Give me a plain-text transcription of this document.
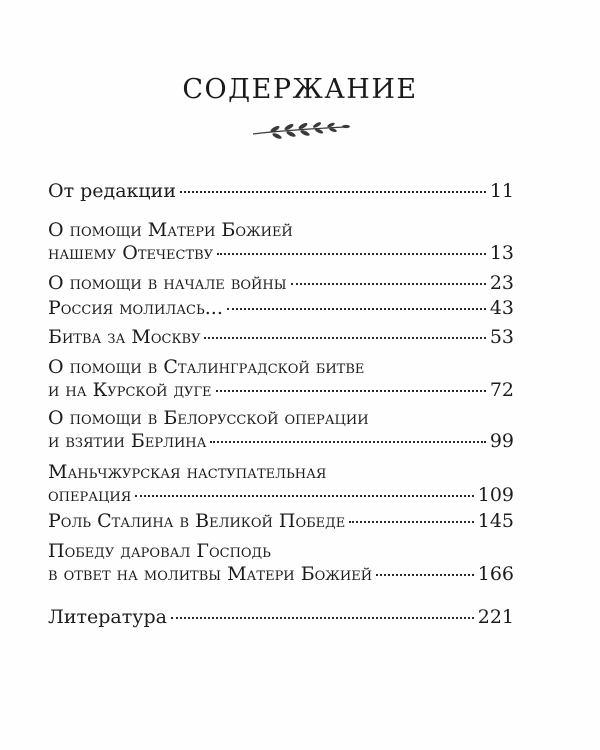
СОДЕРЖАНИЕ
От редакции	11
О помощи Матери Божией
нашему Отечеству	13
О помощи в начале войны	23
Россия молилась...	43
Битва за Москву	53
О помощи в Сталинградской битве
и на Курской дуге	72
О помощи в Белорусской операции
и взятии Берлина	99
Маньчжурская наступательная
операция	109
Роль Сталина в Великой Победе	145
Победу даровал Господь
в ответ на молитвы Матери Божией	166
Литература	221
